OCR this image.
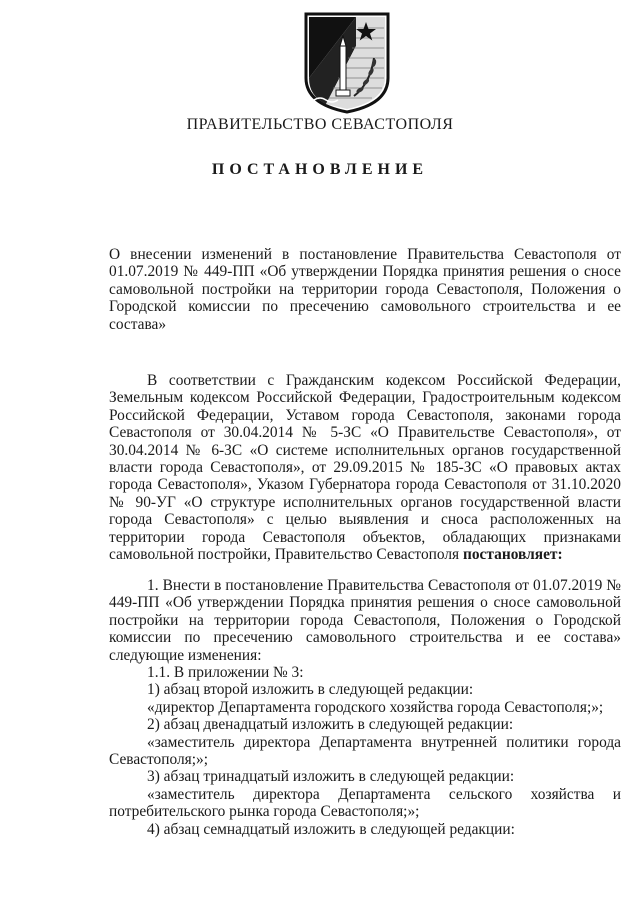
ПРАВИТЕЛЬСТВО СЕВАСТОПОЛЯ
ПОСТАНОВЛЕНИЕ
О внесении изменений в постановление Правительства Севастополя от 01.07.2019 № 449-ПП «Об утверждении Порядка принятия решения о сносе самовольной постройки на территории города Севастополя, Положения о Городской комиссии по пресечению самовольного строительства и ее состава»
В соответствии с Гражданским кодексом Российской Федерации, Земельным кодексом Российской Федерации, Градостроительным кодексом Российской Федерации, Уставом города Севастополя, законами города Севастополя от 30.04.2014 № 5-ЗС «О Правительстве Севастополя», от 30.04.2014 № 6-ЗС «О системе исполнительных органов государственной власти города Севастополя», от 29.09.2015 № 185-ЗС «О правовых актах города Севастополя», Указом Губернатора города Севастополя от 31.10.2020 № 90-УГ «О структуре исполнительных органов государственной власти города Севастополя» с целью выявления и сноса расположенных на территории города Севастополя объектов, обладающих признаками самовольной постройки, Правительство Севастополя постановляет:

1. Внести в постановление Правительства Севастополя от 01.07.2019 № 449-ПП «Об утверждении Порядка принятия решения о сносе самовольной постройки на территории города Севастополя, Положения о Городской комиссии по пресечению самовольного строительства и ее состава» следующие изменения:

1.1. В приложении № 3:

1) абзац второй изложить в следующей редакции:

«директор Департамента городского хозяйства города Севастополя;»;

2) абзац двенадцатый изложить в следующей редакции:

«заместитель директора Департамента внутренней политики города Севастополя;»;

3) абзац тринадцатый изложить в следующей редакции:

«заместитель директора Департамента сельского хозяйства и потребительского рынка города Севастополя;»;

4) абзац семнадцатый изложить в следующей редакции:
